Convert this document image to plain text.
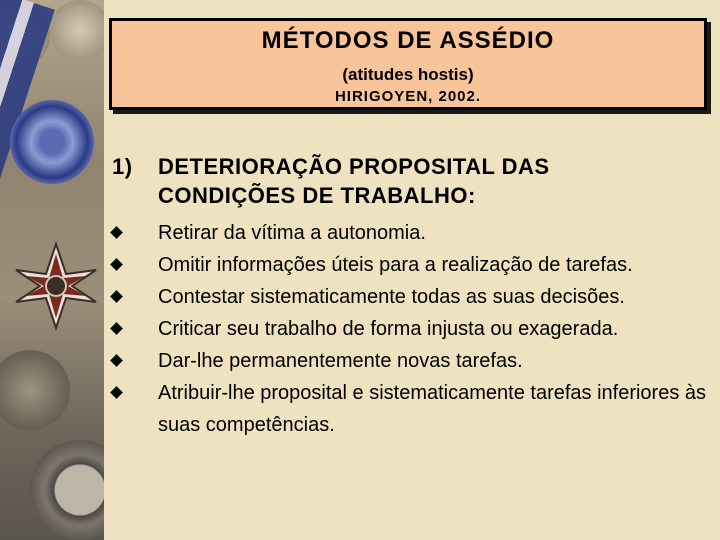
MÉTODOS DE ASSÉDIO
(atitudes hostis)
HIRIGOYEN, 2002.
1) DETERIORAÇÃO PROPOSITAL DAS
CONDIÇÕES DE TRABALHO:
Retirar da vítima a autonomia.
Omitir informações úteis para a realização de tarefas.
Contestar sistematicamente todas as suas decisões.
Criticar seu trabalho de forma injusta ou exagerada.
Dar-lhe permanentemente novas tarefas.
Atribuir-lhe proposital e sistematicamente tarefas inferiores às suas competências.
